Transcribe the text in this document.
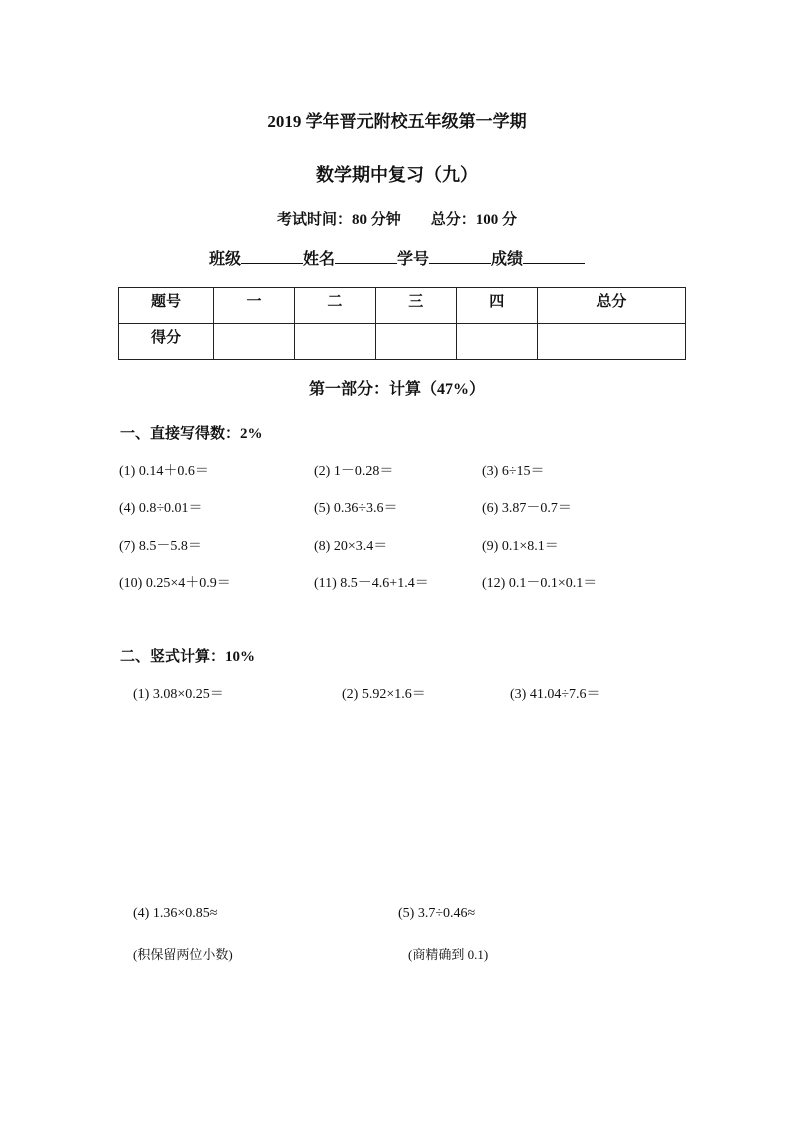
2019 学年晋元附校五年级第一学期
数学期中复习（九）
考试时间：80 分钟 总分：100 分
班级	姓名	学号	成绩
题号	一	二	三	四	总分
得分					
第一部分：计算（47%）
一、直接写得数：2%
(1) 0.14＋0.6＝	(2) 1－0.28＝	(3) 6÷15＝
(4) 0.8÷0.01＝	(5) 0.36÷3.6＝	(6) 3.87－0.7＝
(7) 8.5－5.8＝	(8) 20×3.4＝	(9) 0.1×8.1＝
(10) 0.25×4＋0.9＝	(11) 8.5－4.6+1.4＝	(12) 0.1－0.1×0.1＝
二、竖式计算：10%
(1) 3.08×0.25＝	(2) 5.92×1.6＝	(3) 41.04÷7.6＝
(4) 1.36×0.85≈	(5) 3.7÷0.46≈
(积保留两位小数)	(商精确到 0.1)
